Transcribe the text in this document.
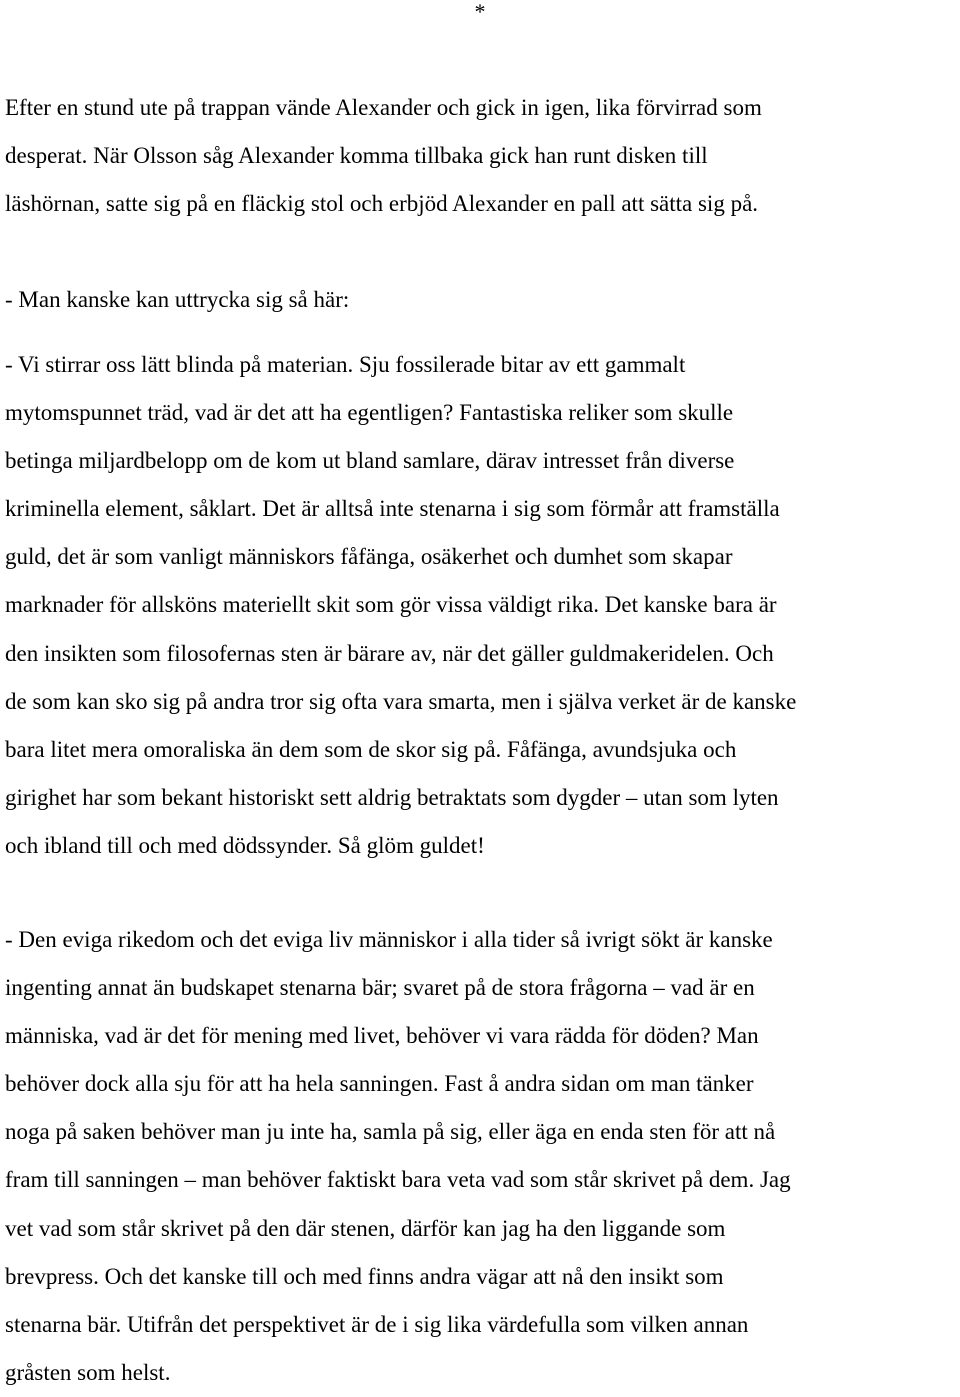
*
Efter en stund ute på trappan vände Alexander och gick in igen, lika förvirrad som
desperat. När Olsson såg Alexander komma tillbaka gick han runt disken till
läshörnan, satte sig på en fläckig stol och erbjöd Alexander en pall att sätta sig på.
- Man kanske kan uttrycka sig så här:
- Vi stirrar oss lätt blinda på materian. Sju fossilerade bitar av ett gammalt
mytomspunnet träd, vad är det att ha egentligen? Fantastiska reliker som skulle
betinga miljardbelopp om de kom ut bland samlare, därav intresset från diverse
kriminella element, såklart. Det är alltså inte stenarna i sig som förmår att framställa
guld, det är som vanligt människors fåfänga, osäkerhet och dumhet som skapar
marknader för allsköns materiellt skit som gör vissa väldigt rika. Det kanske bara är
den insikten som filosofernas sten är bärare av, när det gäller guldmakeridelen. Och
de som kan sko sig på andra tror sig ofta vara smarta, men i själva verket är de kanske
bara litet mera omoraliska än dem som de skor sig på. Fåfänga, avundsjuka och
girighet har som bekant historiskt sett aldrig betraktats som dygder – utan som lyten
och ibland till och med dödssynder. Så glöm guldet!
- Den eviga rikedom och det eviga liv människor i alla tider så ivrigt sökt är kanske
ingenting annat än budskapet stenarna bär; svaret på de stora frågorna – vad är en
människa, vad är det för mening med livet, behöver vi vara rädda för döden? Man
behöver dock alla sju för att ha hela sanningen. Fast å andra sidan om man tänker
noga på saken behöver man ju inte ha, samla på sig, eller äga en enda sten för att nå
fram till sanningen – man behöver faktiskt bara veta vad som står skrivet på dem. Jag
vet vad som står skrivet på den där stenen, därför kan jag ha den liggande som
brevpress. Och det kanske till och med finns andra vägar att nå den insikt som
stenarna bär. Utifrån det perspektivet är de i sig lika värdefulla som vilken annan
gråsten som helst.
